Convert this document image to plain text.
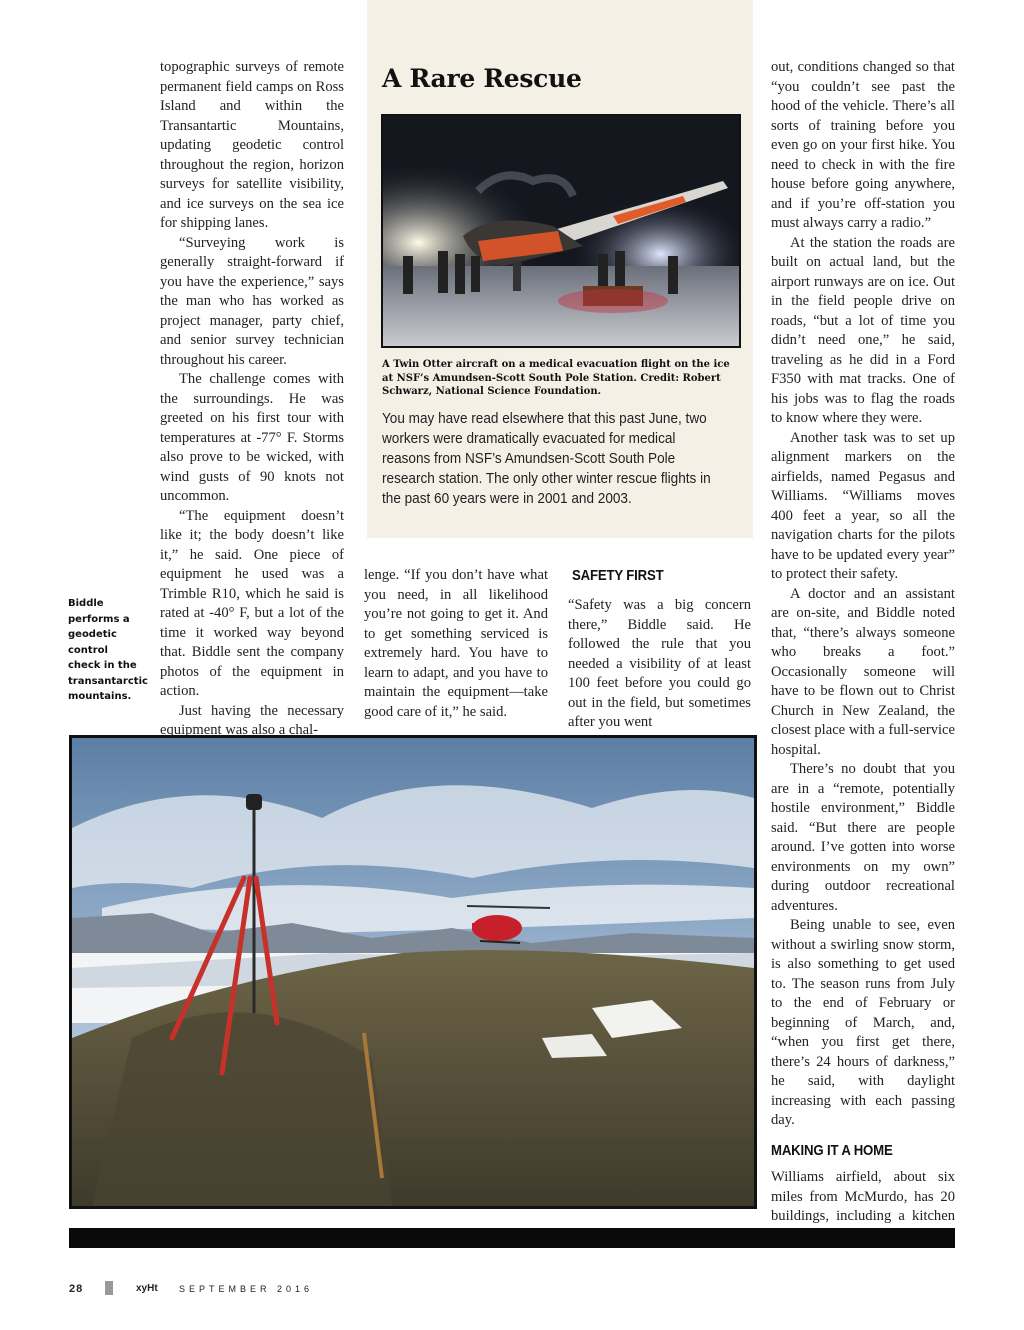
A Rare Rescue
A Twin Otter aircraft on a medical evacuation flight on the ice at NSF’s Amundsen-Scott South Pole Station. Credit: Robert Schwarz, National Science Foundation.
You may have read elsewhere that this past June, two workers were dramatically evacuated for medical reasons from NSF’s Amundsen-Scott South Pole research station. The only other winter rescue flights in the past 60 years were in 2001 and 2003.

topographic surveys of remote permanent field camps on Ross Island and within the Transantartic Mountains, updating geodetic control throughout the region, horizon surveys for satellite visibility, and ice surveys on the sea ice for shipping lanes.

“Surveying work is generally straight-forward if you have the experience,” says the man who has worked as project manager, party chief, and senior survey technician throughout his career.

The challenge comes with the surroundings. He was greeted on his first tour with temperatures at -77° F. Storms also prove to be wicked, with wind gusts of 90 knots not uncommon.

“The equipment doesn’t like it; the body doesn’t like it,” he said. One piece of equipment he used was a Trimble R10, which he said is rated at -40° F, but a lot of the time it worked way beyond that. Biddle sent the company photos of the equipment in action.

Just having the necessary equipment was also a chal-

lenge. “If you don’t have what you need, in all likelihood you’re not going to get it. And to get something serviced is extremely hard. You have to learn to adapt, and you have to maintain the equipment—take good care of it,” he said.

SAFETY FIRST

“Safety was a big concern there,” Biddle said. He followed the rule that you needed a visibility of at least 100 feet before you could go out in the field, but sometimes after you went

out, conditions changed so that “you couldn’t see past the hood of the vehicle. There’s all sorts of training before you even go on your first hike. You need to check in with the fire house before going anywhere, and if you’re off-station you must always carry a radio.”

At the station the roads are built on actual land, but the airport runways are on ice. Out in the field people drive on roads, “but a lot of time you didn’t need one,” he said, traveling as he did in a Ford F350 with mat tracks. One of his jobs was to flag the roads to know where they were.

Another task was to set up alignment markers on the airfields, named Pegasus and Williams. “Williams moves 400 feet a year, so all the navigation charts for the pilots have to be updated every year” to protect their safety.

A doctor and an assistant are on-site, and Biddle noted that, “there’s always someone who breaks a foot.” Occasionally someone will have to be flown out to Christ Church in New Zealand, the closest place with a full-service hospital.

There’s no doubt that you are in a “remote, potentially hostile environment,” Biddle said. “But there are people around. I’ve gotten into worse environments on my own” during outdoor recreational adventures.

Being unable to see, even without a swirling snow storm, is also something to get used to. The season runs from July to the end of February or beginning of March, and, “when you first get there, there’s 24 hours of darkness,” he said, with daylight increasing with each passing day.

MAKING IT A HOME

Williams airfield, about six miles from McMurdo, has 20 buildings, including a kitchen

Biddle performs a geodetic control check in the transantarctic mountains.
28	xyHt SEPTEMBER 2016
